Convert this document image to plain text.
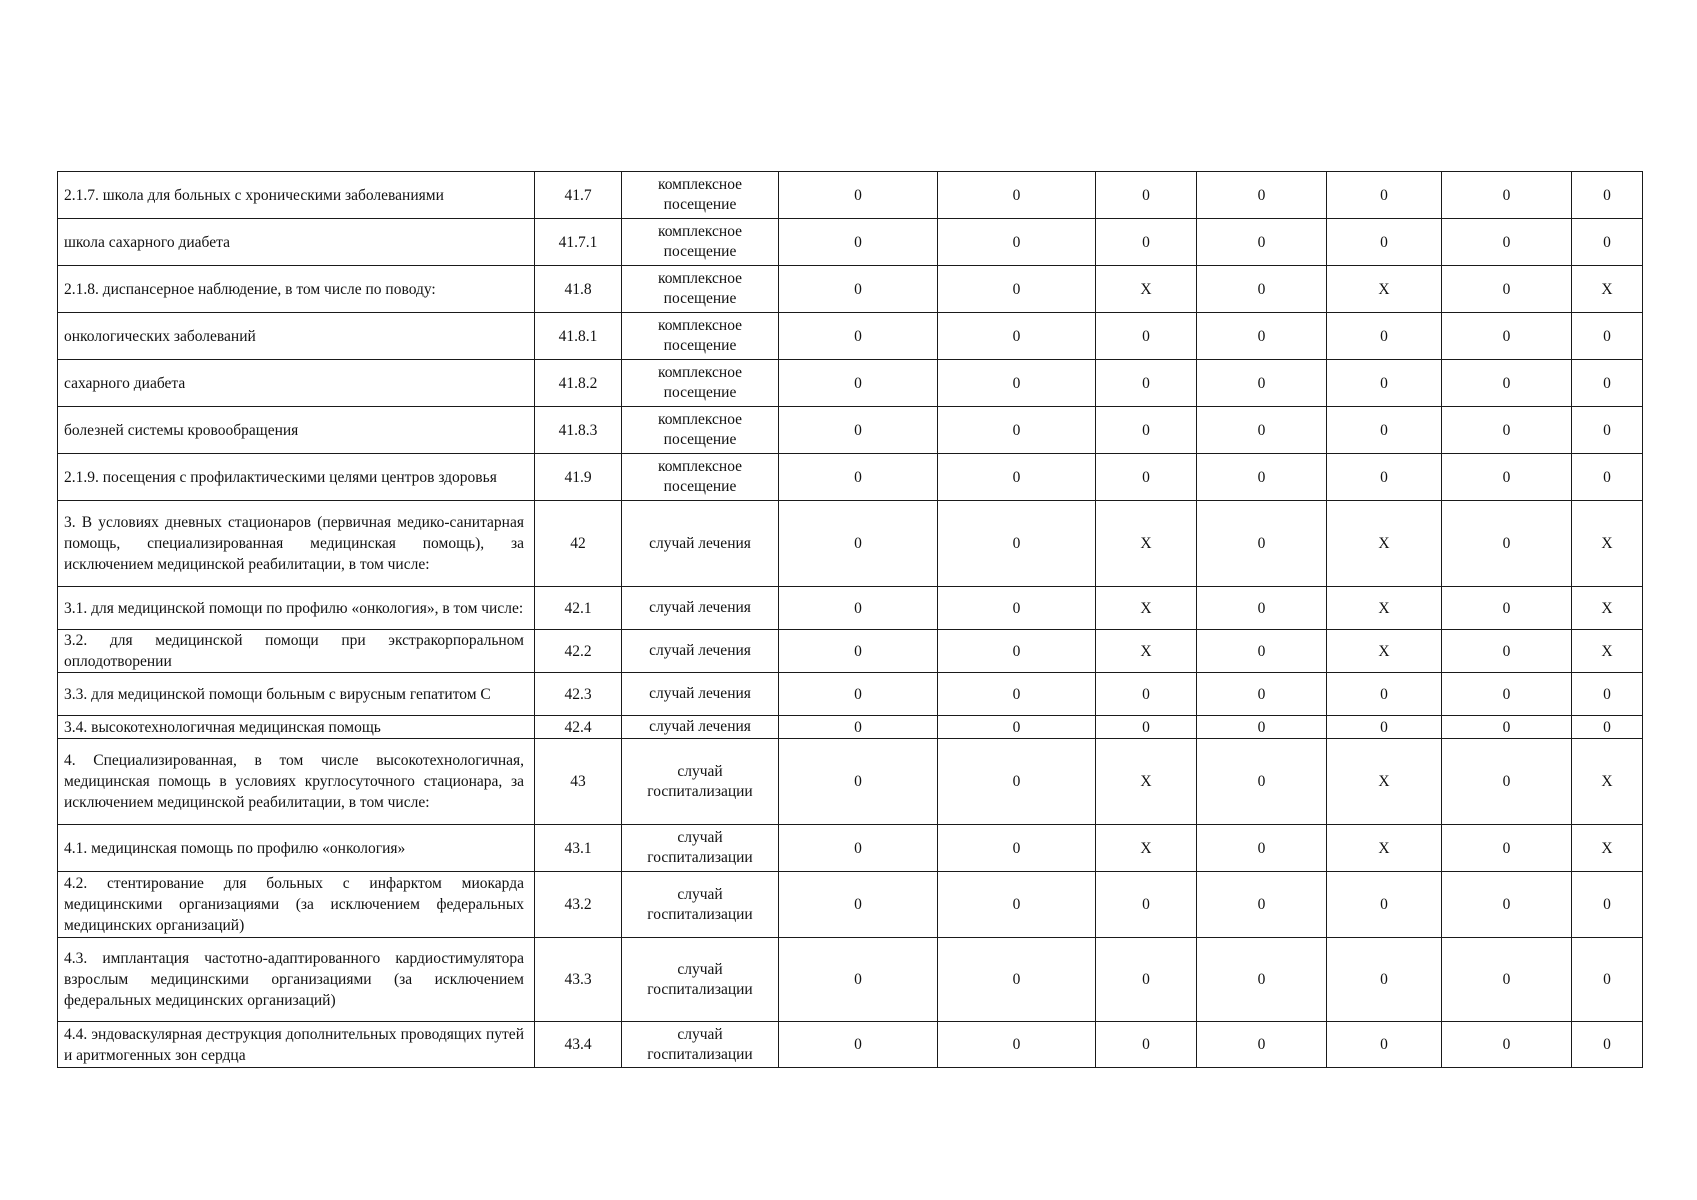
2.1.7. школа для больных с хроническими заболеваниями	41.7	комплексное посещение	0	0	0	0	0	0	0
школа сахарного диабета	41.7.1	комплексное посещение	0	0	0	0	0	0	0
2.1.8. диспансерное наблюдение, в том числе по поводу:	41.8	комплексное посещение	0	0	X	0	X	0	X
онкологических заболеваний	41.8.1	комплексное посещение	0	0	0	0	0	0	0
сахарного диабета	41.8.2	комплексное посещение	0	0	0	0	0	0	0
болезней системы кровообращения	41.8.3	комплексное посещение	0	0	0	0	0	0	0
2.1.9. посещения с профилактическими целями центров здоровья	41.9	комплексное посещение	0	0	0	0	0	0	0
3. В условиях дневных стационаров (первичная медико-санитарная помощь, специализированная медицинская помощь), за исключением медицинской реабилитации, в том числе:	42	случай лечения	0	0	X	0	X	0	X
3.1. для медицинской помощи по профилю «онкология», в том числе:	42.1	случай лечения	0	0	X	0	X	0	X
3.2. для медицинской помощи при экстракорпоральном оплодотворении	42.2	случай лечения	0	0	X	0	X	0	X
3.3. для медицинской помощи больным с вирусным гепатитом С	42.3	случай лечения	0	0	0	0	0	0	0
3.4. высокотехнологичная медицинская помощь	42.4	случай лечения	0	0	0	0	0	0	0
4. Специализированная, в том числе высокотехнологичная, медицинская помощь в условиях круглосуточного стационара, за исключением медицинской реабилитации, в том числе:	43	случай госпитализации	0	0	X	0	X	0	X
4.1. медицинская помощь по профилю «онкология»	43.1	случай госпитализации	0	0	X	0	X	0	X
4.2. стентирование для больных с инфарктом миокарда медицинскими организациями (за исключением федеральных медицинских организаций)	43.2	случай госпитализации	0	0	0	0	0	0	0
4.3. имплантация частотно-адаптированного кардиостимулятора взрослым медицинскими организациями (за исключением федеральных медицинских организаций)	43.3	случай госпитализации	0	0	0	0	0	0	0
4.4. эндоваскулярная деструкция дополнительных проводящих путей и аритмогенных зон сердца	43.4	случай госпитализации	0	0	0	0	0	0	0
